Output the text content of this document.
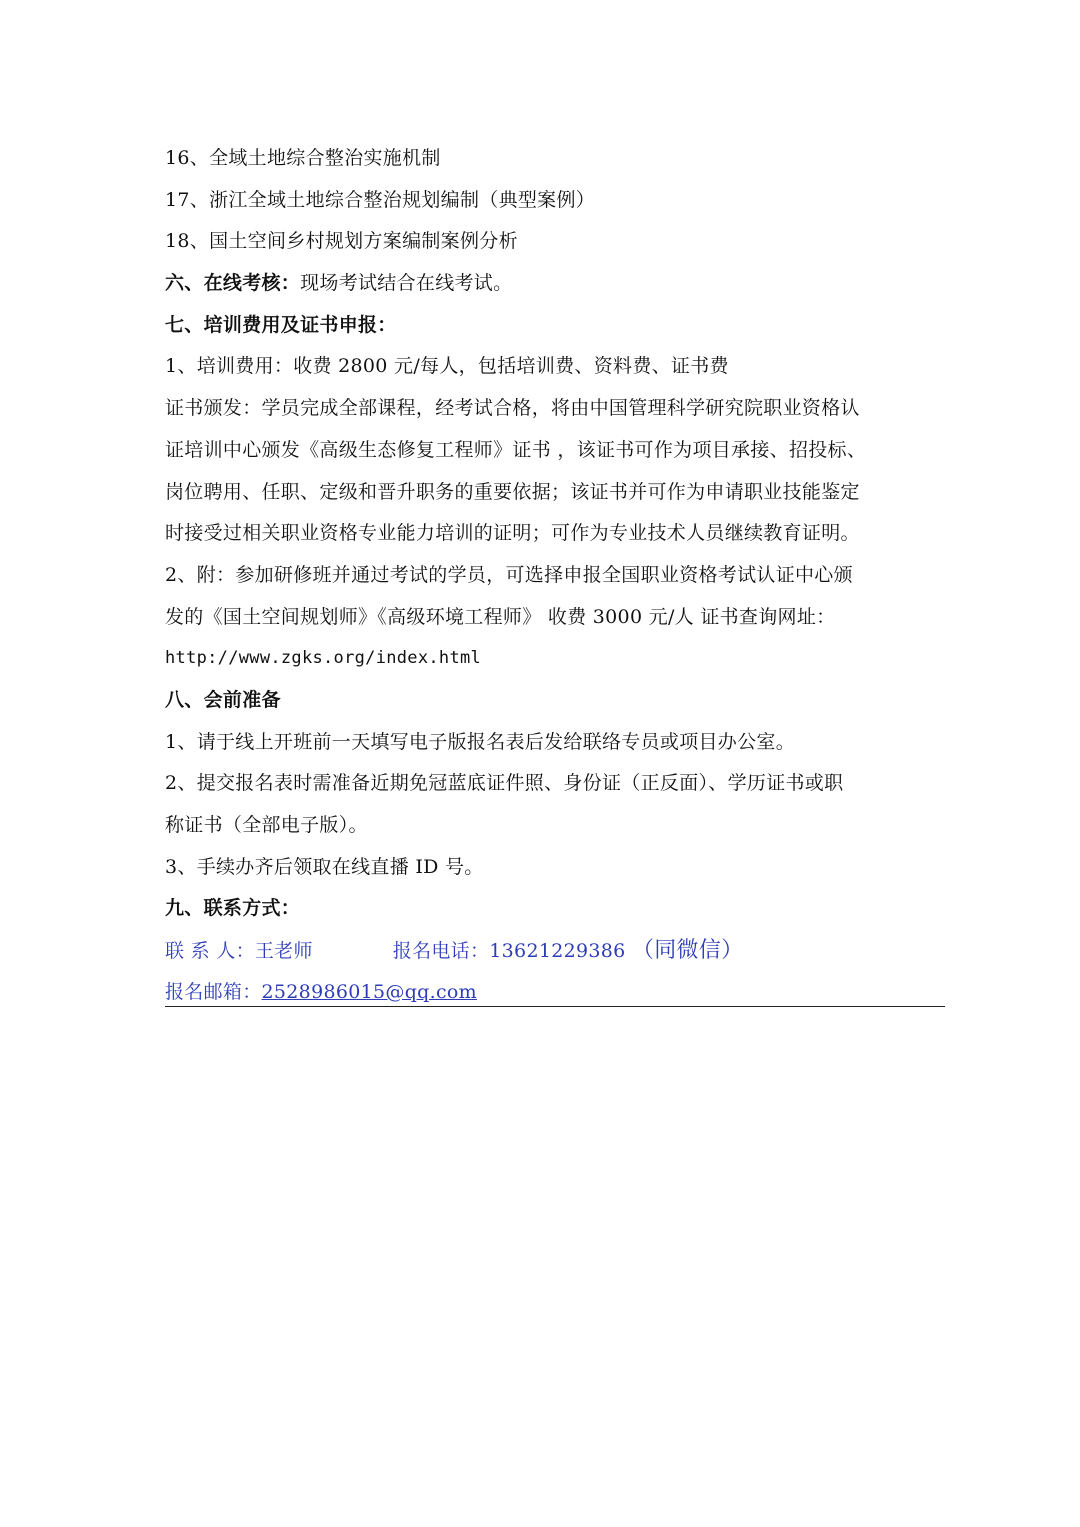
16、全域土地综合整治实施机制
17、浙江全域土地综合整治规划编制（典型案例）
18、国土空间乡村规划方案编制案例分析
六、在线考核：现场考试结合在线考试。
七、培训费用及证书申报：
1、培训费用：收费 2800 元/每人，包括培训费、资料费、证书费
证书颁发：学员完成全部课程，经考试合格，将由中国管理科学研究院职业资格认
证培训中心颁发《高级生态修复工程师》证书 ，该证书可作为项目承接、招投标、
岗位聘用、任职、定级和晋升职务的重要依据；该证书并可作为申请职业技能鉴定
时接受过相关职业资格专业能力培训的证明；可作为专业技术人员继续教育证明。
2、附：参加研修班并通过考试的学员，可选择申报全国职业资格考试认证中心颁
发的《国土空间规划师》《高级环境工程师》 收费 3000 元/人 证书查询网址：
http://www.zgks.org/index.html
八、会前准备
1、请于线上开班前一天填写电子版报名表后发给联络专员或项目办公室。
2、提交报名表时需准备近期免冠蓝底证件照、身份证（正反面）、学历证书或职
称证书（全部电子版）。
3、手续办齐后领取在线直播 ID 号。
九、联系方式：
联 系 人：王老师	报名电话：13621229386 （同微信）
报名邮箱：2528986015@qq.com
